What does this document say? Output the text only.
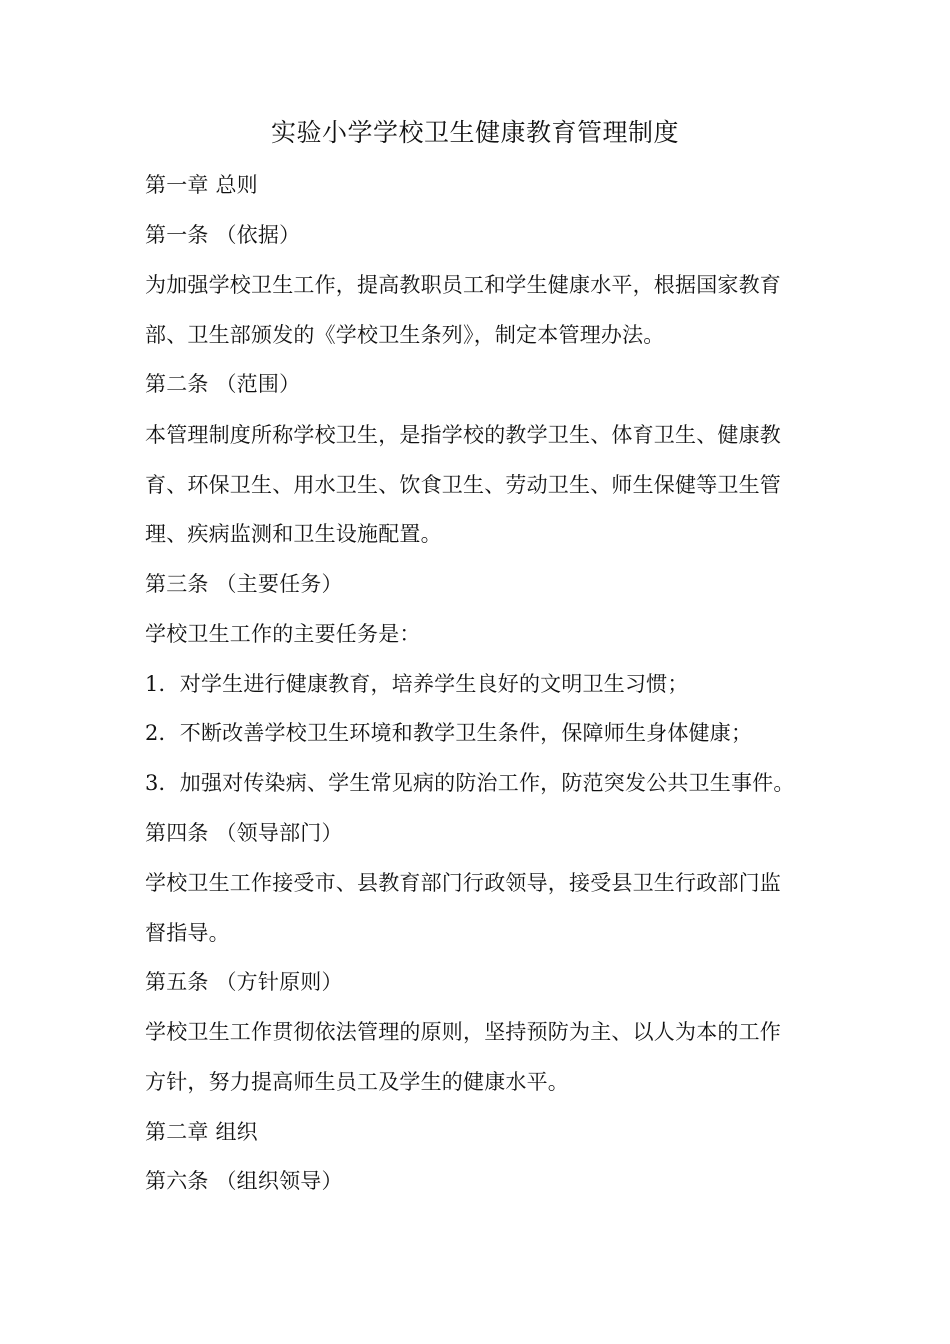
实验小学学校卫生健康教育管理制度
第一章 总则
第一条 （依据）
为加强学校卫生工作，提高教职员工和学生健康水平，根据国家教育
部、卫生部颁发的《学校卫生条列》，制定本管理办法。
第二条 （范围）
本管理制度所称学校卫生，是指学校的教学卫生、体育卫生、健康教
育、环保卫生、用水卫生、饮食卫生、劳动卫生、师生保健等卫生管
理、疾病监测和卫生设施配置。
第三条 （主要任务）
学校卫生工作的主要任务是：
1．对学生进行健康教育，培养学生良好的文明卫生习惯；
2．不断改善学校卫生环境和教学卫生条件，保障师生身体健康；
3．加强对传染病、学生常见病的防治工作，防范突发公共卫生事件。
第四条 （领导部门）
学校卫生工作接受市、县教育部门行政领导，接受县卫生行政部门监
督指导。
第五条 （方针原则）
学校卫生工作贯彻依法管理的原则，坚持预防为主、以人为本的工作
方针，努力提高师生员工及学生的健康水平。
第二章 组织
第六条 （组织领导）
